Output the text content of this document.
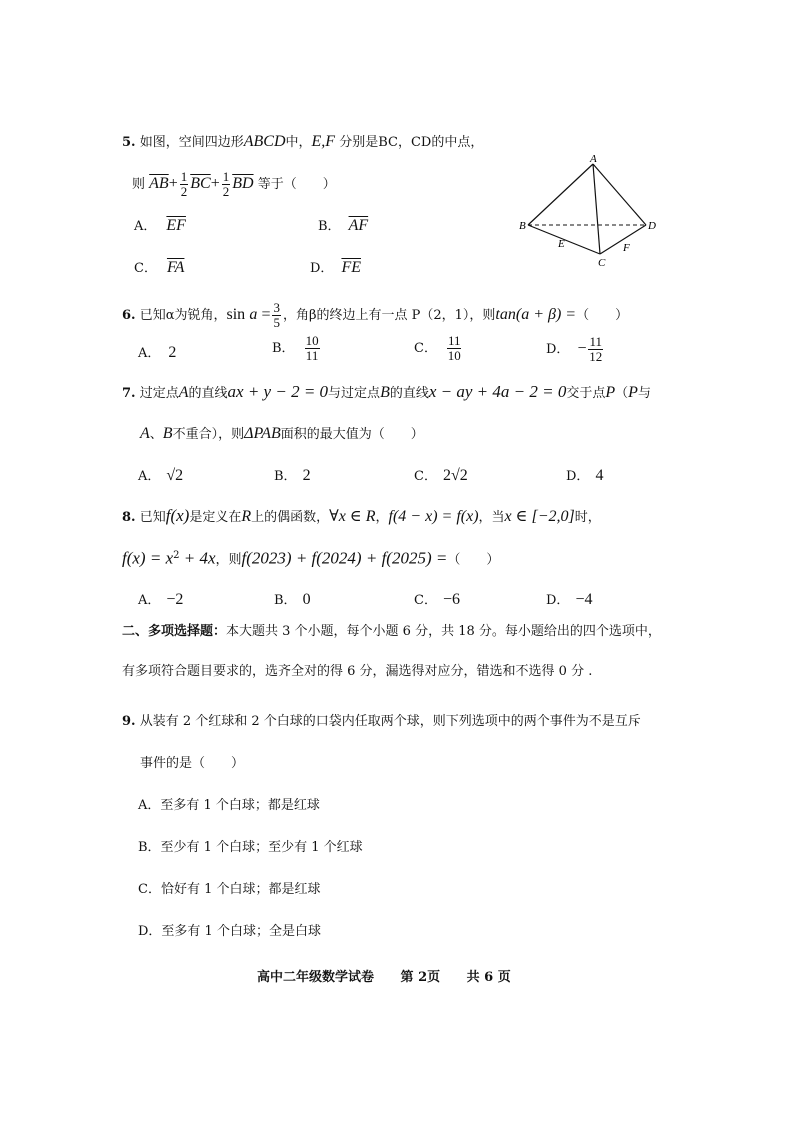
5. 如图，空间四边形ABCD中，E,F 分别是BC，CD的中点，
则 $\overline{AB}+ \frac{1}{2} \overline{BC}+ \frac{1}{2} \overline{BD}$ 等于（　　）
A． $\overline{EF}$	B． $\overline{AF}$
C． $\overline{FA}$	D． $\overline{FE}$
A
B
C
D
E	F
6. 已知α为锐角，$\sin a = \frac{3}{5}$ ，角β的终边上有一点 P（2，1），则tan(a + β) =（　　）
A． 2	B． $\frac{10}{11}$	C． $\frac{11}{10}$	D． − $\frac{11}{12}$
7. 过定点A的直线ax + y − 2 = 0与过定点B的直线x − ay + 4a − 2 = 0交于点P（P与
A、B不重合），则ΔPAB面积的最大值为（　　）
A． √2	B． 2	C． 2√2	D． 4
8. 已知f(x)是定义在R上的偶函数，∀x ∈ R，f(4 − x) = f(x)，当x ∈ [−2,0]时，
$f(x) = x^2 + 4x$，则f(2023) + f(2024) + f(2025) =（　　）
A． −2	B． 0	C． −6	D． −4
二、多项选择题：本大题共 3 个小题，每个小题 6 分，共 18 分。每小题给出的四个选项中，
有多项符合题目要求的，选齐全对的得 6 分，漏选得对应分，错选和不选得 0 分 .
9. 从装有 2 个红球和 2 个白球的口袋内任取两个球，则下列选项中的两个事件为不是互斥
事件的是（　　）
A．至多有 1 个白球；都是红球
B．至少有 1 个白球；至少有 1 个红球
C．恰好有 1 个白球；都是红球
D．至多有 1 个白球；全是白球
高中二年级数学试卷 第 2页 共 6 页
